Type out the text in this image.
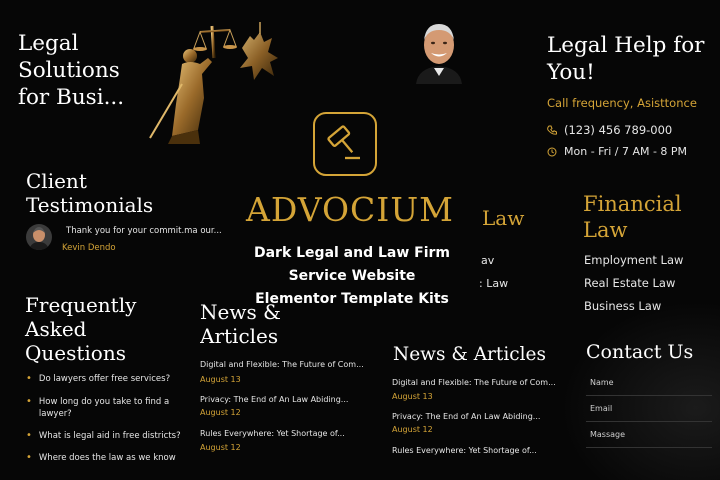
Legal Solutions for Busi...
Legal Help for You!
Call frequency, Asisttonce
(123) 456 789-000
Mon - Fri / 7 AM - 8 PM
Client Testimonials
Thank you for your commit.ma our...
Kevin Dendo
ADVOCIUM
Dark Legal and Law Firm
Service Website
Elementor Template Kits
Law
av
: Law
Financial Law
Employment Law
Real Estate Law
Business Law
Frequently Asked Questions
• Do lawyers offer free services?
• How long do you take to find a lawyer?
• What is legal aid in free districts?
• Where does the law as we know
News & Articles
Digital and Flexible: The Future of Com...
August 13
Privacy: The End of An Law Abiding...
August 12
Rules Everywhere: Yet Shortage of...
August 12
News & Articles
Digital and Flexible: The Future of Com...
August 13
Privacy: The End of An Law Abiding...
August 12
Rules Everywhere: Yet Shortage of...
Contact Us
Name
Email
Massage
